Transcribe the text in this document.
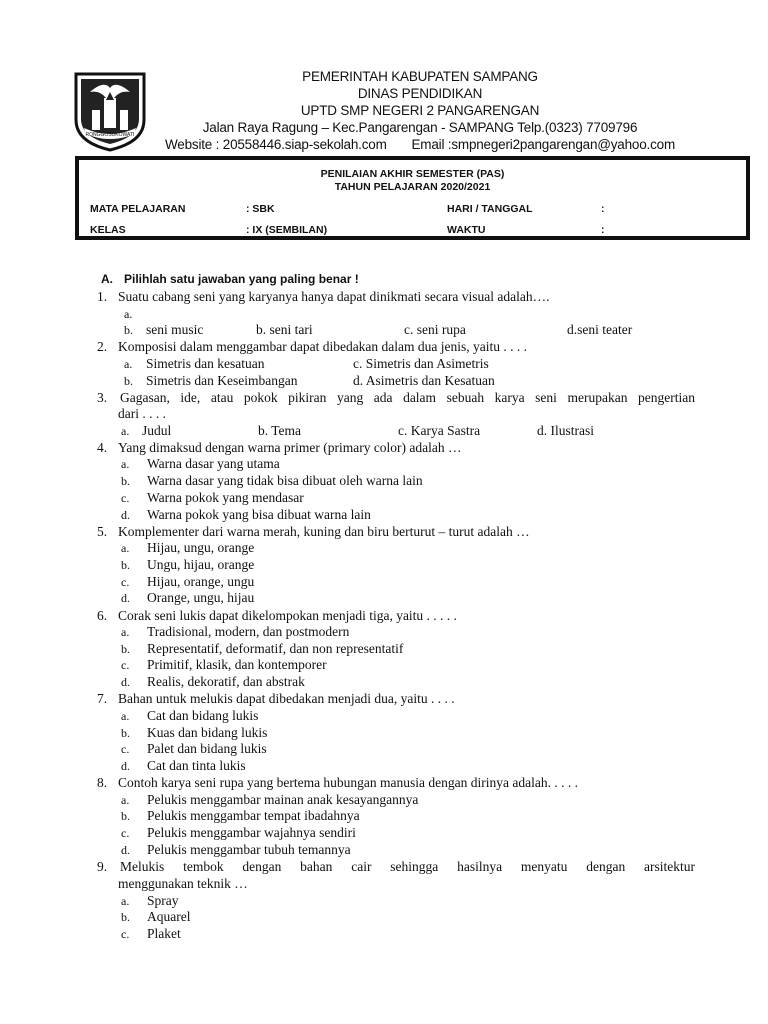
RONGGOSUKOWATI
PEMERINTAH KABUPATEN SAMPANG
DINAS PENDIDIKAN
UPTD SMP NEGERI 2 PANGARENGAN
Jalan Raya Ragung – Kec.Pangarengan - SAMPANG Telp.(0323) 7709796
Website : 20558446.siap-sekolah.com Email :smpnegeri2pangarengan@yahoo.com
PENILAIAN AKHIR SEMESTER (PAS)
TAHUN PELAJARAN 2020/2021
MATA PELAJARAN	: SBK	HARI / TANGGAL	:
KELAS	: IX (SEMBILAN)	WAKTU	:
A. Pilihlah satu jawaban yang paling benar !
1. Suatu cabang seni yang karyanya hanya dapat dinikmati secara visual adalah….
a.
b. seni music	b. seni tari	c. seni rupa	d.seni teater
2. Komposisi dalam menggambar dapat dibedakan dalam dua jenis, yaitu . . . .
a. Simetris dan kesatuan	c. Simetris dan Asimetris
b. Simetris dan Keseimbangan	d. Asimetris dan Kesatuan
3. Gagasan, ide, atau pokok pikiran yang ada dalam sebuah karya seni merupakan pengertian
dari . . . .
a. Judul	b. Tema	c. Karya Sastra	d. Ilustrasi
4. Yang dimaksud dengan warna primer (primary color) adalah …
a. Warna dasar yang utama
b. Warna dasar yang tidak bisa dibuat oleh warna lain
c. Warna pokok yang mendasar
d. Warna pokok yang bisa dibuat warna lain
5. Komplementer dari warna merah, kuning dan biru berturut – turut adalah …
a. Hijau, ungu, orange
b. Ungu, hijau, orange
c. Hijau, orange, ungu
d. Orange, ungu, hijau
6. Corak seni lukis dapat dikelompokan menjadi tiga, yaitu . . . . .
a. Tradisional, modern, dan postmodern
b. Representatif, deformatif, dan non representatif
c. Primitif, klasik, dan kontemporer
d. Realis, dekoratif, dan abstrak
7. Bahan untuk melukis dapat dibedakan menjadi dua, yaitu . . . .
a. Cat dan bidang lukis
b. Kuas dan bidang lukis
c. Palet dan bidang lukis
d. Cat dan tinta lukis
8. Contoh karya seni rupa yang bertema hubungan manusia dengan dirinya adalah. . . . .
a. Pelukis menggambar mainan anak kesayangannya
b. Pelukis menggambar tempat ibadahnya
c. Pelukis menggambar wajahnya sendiri
d. Pelukis menggambar tubuh temannya
9. Melukis tembok dengan bahan cair sehingga hasilnya menyatu dengan arsitektur
menggunakan teknik …
a. Spray
b. Aquarel
c. Plaket
